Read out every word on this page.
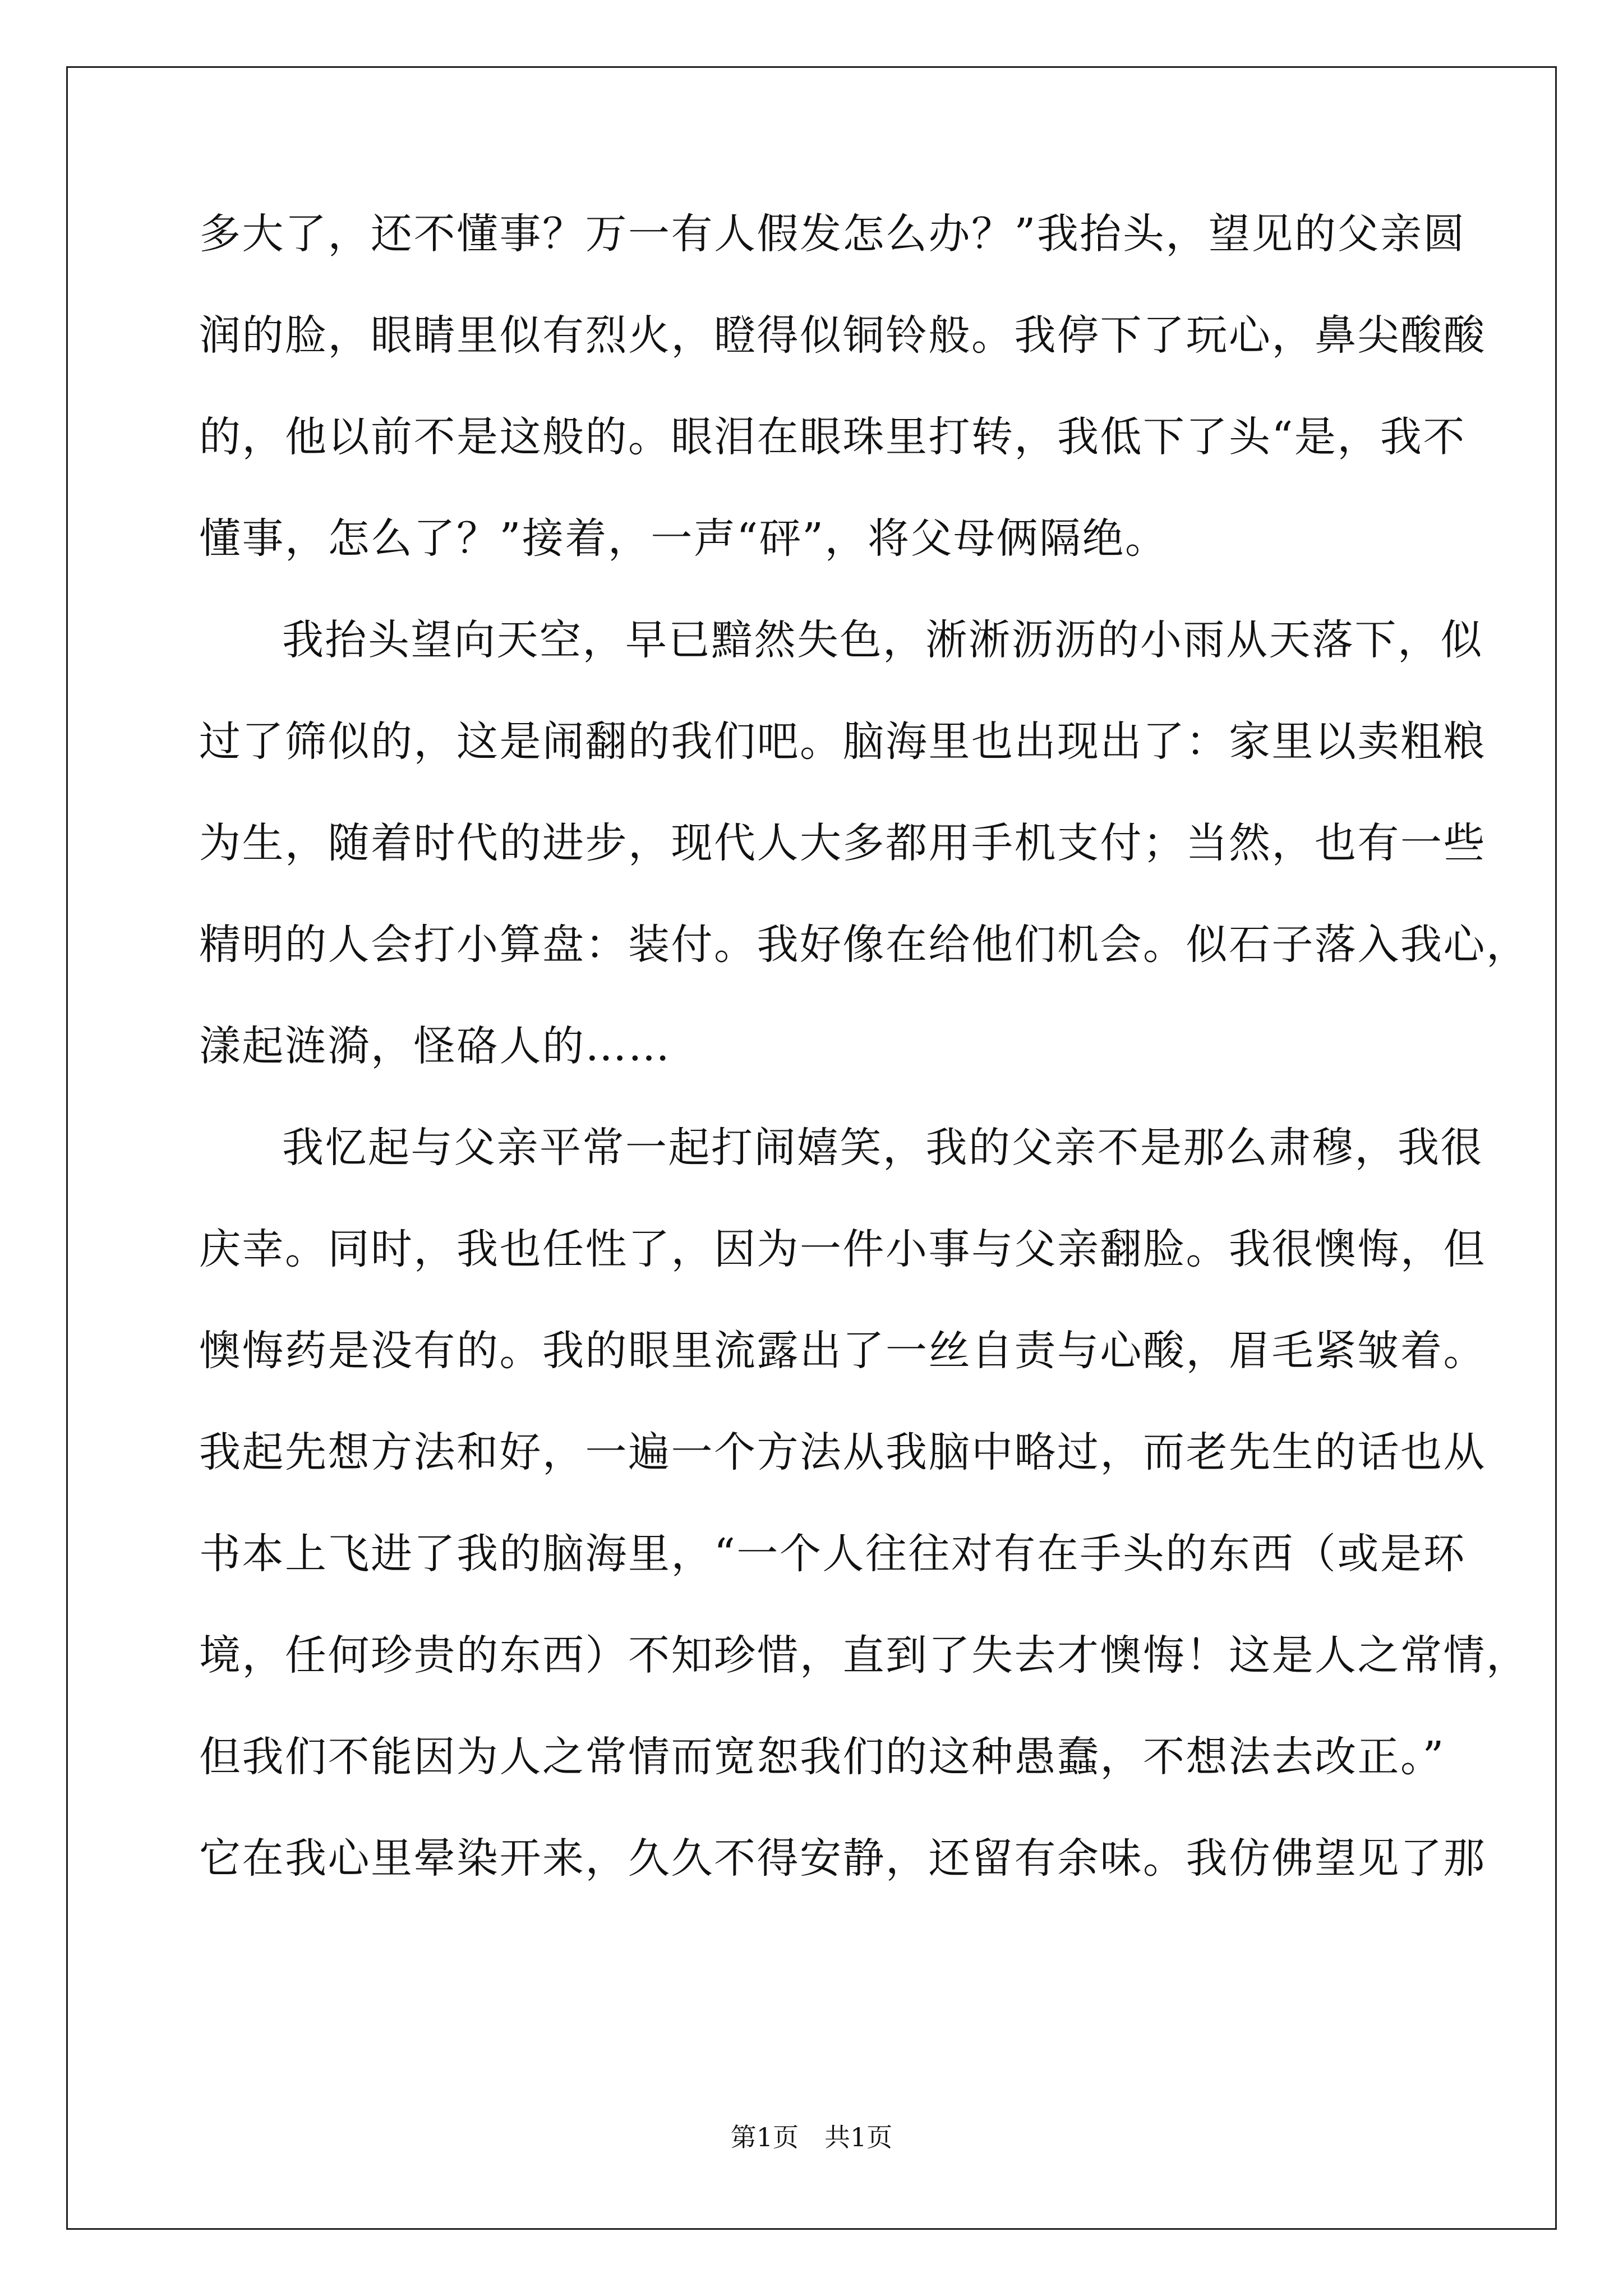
多大了，还不懂事？万一有人假发怎么办？”我抬头，望见的父亲圆
润的脸，眼睛里似有烈火，瞪得似铜铃般。我停下了玩心，鼻尖酸酸
的，他以前不是这般的。眼泪在眼珠里打转，我低下了头“是，我不
懂事，怎么了？”接着，一声“砰”，将父母俩隔绝。
我抬头望向天空，早已黯然失色，淅淅沥沥的小雨从天落下，似
过了筛似的，这是闹翻的我们吧。脑海里也出现出了：家里以卖粗粮
为生，随着时代的进步，现代人大多都用手机支付；当然，也有一些
精明的人会打小算盘：装付。我好像在给他们机会。似石子落入我心，
漾起涟漪，怪硌人的……
我忆起与父亲平常一起打闹嬉笑，我的父亲不是那么肃穆，我很
庆幸。同时，我也任性了，因为一件小事与父亲翻脸。我很懊悔，但
懊悔药是没有的。我的眼里流露出了一丝自责与心酸，眉毛紧皱着。
我起先想方法和好，一遍一个方法从我脑中略过，而老先生的话也从
书本上飞进了我的脑海里，“一个人往往对有在手头的东西（或是环
境，任何珍贵的东西）不知珍惜，直到了失去才懊悔！这是人之常情，
但我们不能因为人之常情而宽恕我们的这种愚蠢，不想法去改正。”
它在我心里晕染开来，久久不得安静，还留有余味。我仿佛望见了那
第1页　共1页
